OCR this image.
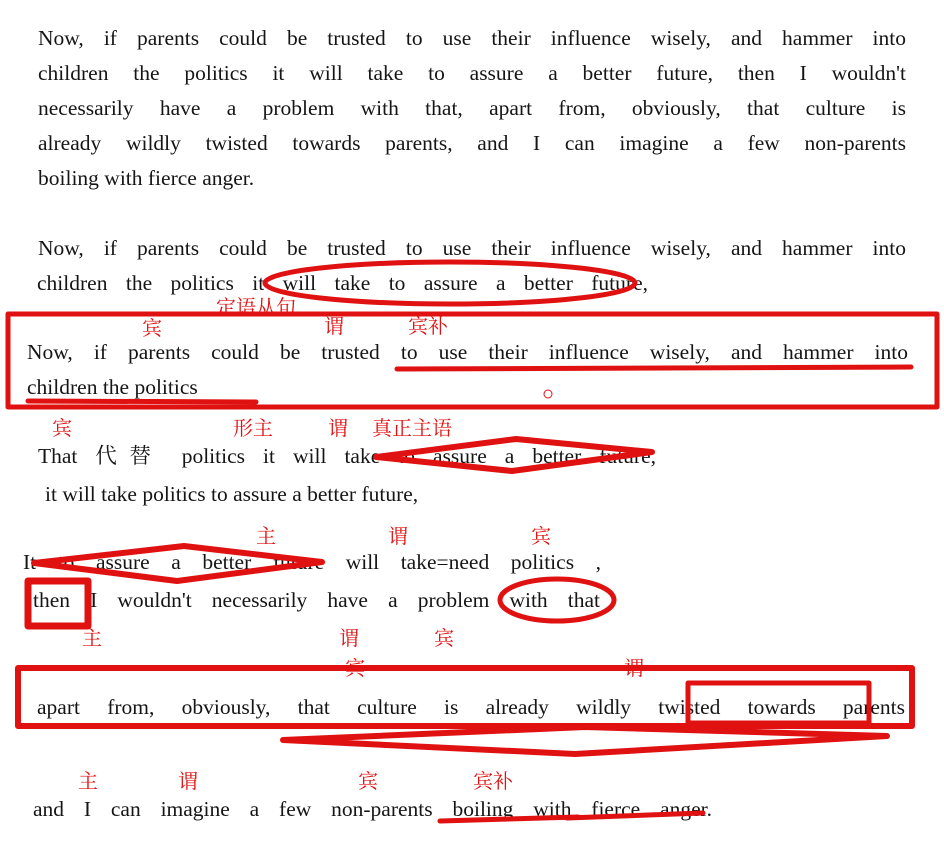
Now, if parents could be trusted to use their influence wisely, and hammer into
children the politics it will take to assure a better future, then I wouldn't
necessarily have a problem with that, apart from, obviously, that culture is
already wildly twisted towards parents, and I can imagine a few non-parents
boiling with fierce anger.
Now, if parents could be trusted to use their influence wisely, and hammer into
children the politics it will take to assure a better future,
定语从句
宾	谓	宾补
Now, if parents could be trusted to use their influence wisely, and hammer into
children the politics
宾	形主	谓 真正主语
That 代替 politics it will take to assure a better future,
it will take politics to assure a better future,
主	谓	宾
It to assure a better future will take=need politics ,
then I wouldn't necessarily have a problem with that
主	谓	宾
宾	谓
apart from, obviously, that culture is already wildly twisted towards parents
主	谓	宾	宾补
and I can imagine a few non-parents boiling with fierce anger.
